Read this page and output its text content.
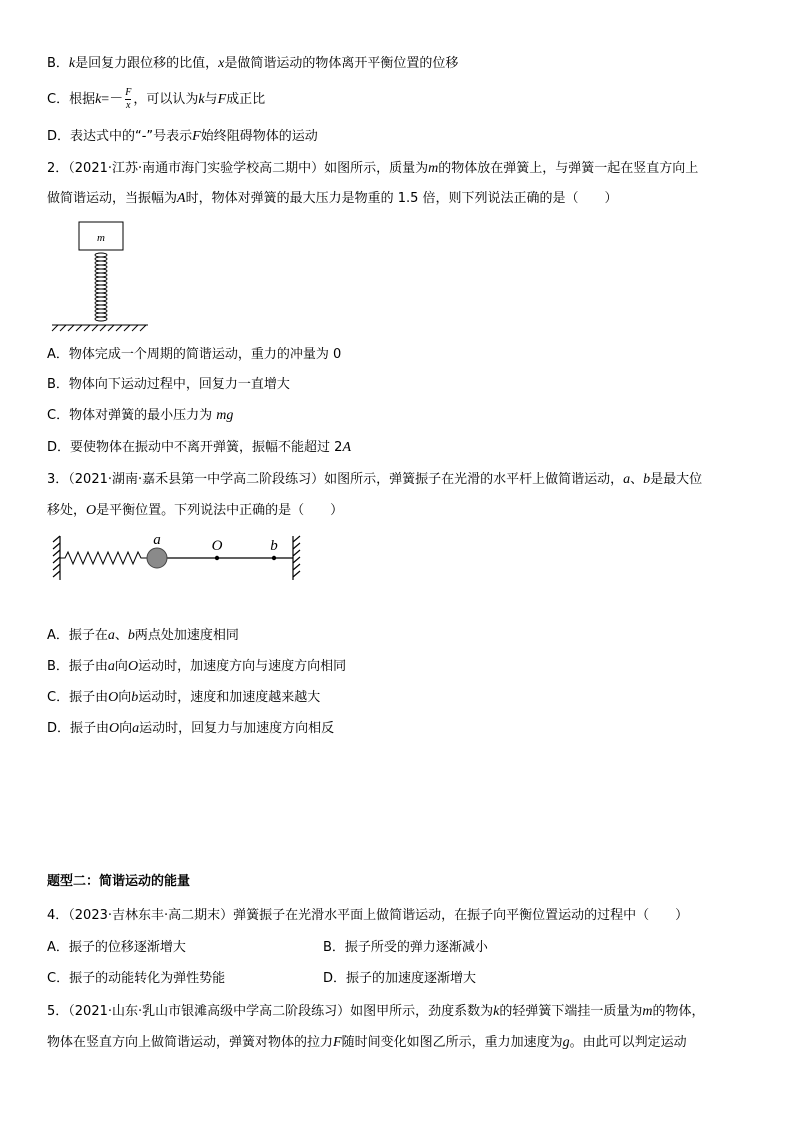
B．k是回复力跟位移的比值，x是做简谐运动的物体离开平衡位置的位移
C．根据$k=- \frac{F}{x}$ ，可以认为k与F成正比
D．表达式中的“-”号表示F始终阻碍物体的运动
2．（2021·江苏·南通市海门实验学校高二期中）如图所示，质量为m的物体放在弹簧上，与弹簧一起在竖直方向上
做简谐运动，当振幅为A时，物体对弹簧的最大压力是物重的 1.5 倍，则下列说法正确的是（　　）
m
A．物体完成一个周期的简谐运动，重力的冲量为 0
B．物体向下运动过程中，回复力一直增大
C．物体对弹簧的最小压力为 mg
D．要使物体在振动中不离开弹簧，振幅不能超过 2A
3．（2021·湖南·嘉禾县第一中学高二阶段练习）如图所示，弹簧振子在光滑的水平杆上做简谐运动，a、b是最大位
移处，O是平衡位置。下列说法中正确的是（　　）
a	O	b
A．振子在a、b两点处加速度相同
B．振子由a向O运动时，加速度方向与速度方向相同
C．振子由O向b运动时，速度和加速度越来越大
D．振子由O向a运动时，回复力与加速度方向相反
题型二：简谐运动的能量
4．（2023·吉林东丰·高二期末）弹簧振子在光滑水平面上做简谐运动，在振子向平衡位置运动的过程中（　　）
A．振子的位移逐渐增大	B．振子所受的弹力逐渐减小
C．振子的动能转化为弹性势能	D．振子的加速度逐渐增大
5．（2021·山东·乳山市银滩高级中学高二阶段练习）如图甲所示，劲度系数为k的轻弹簧下端挂一质量为m的物体，
物体在竖直方向上做简谐运动，弹簧对物体的拉力F随时间变化如图乙所示，重力加速度为g。由此可以判定运动
